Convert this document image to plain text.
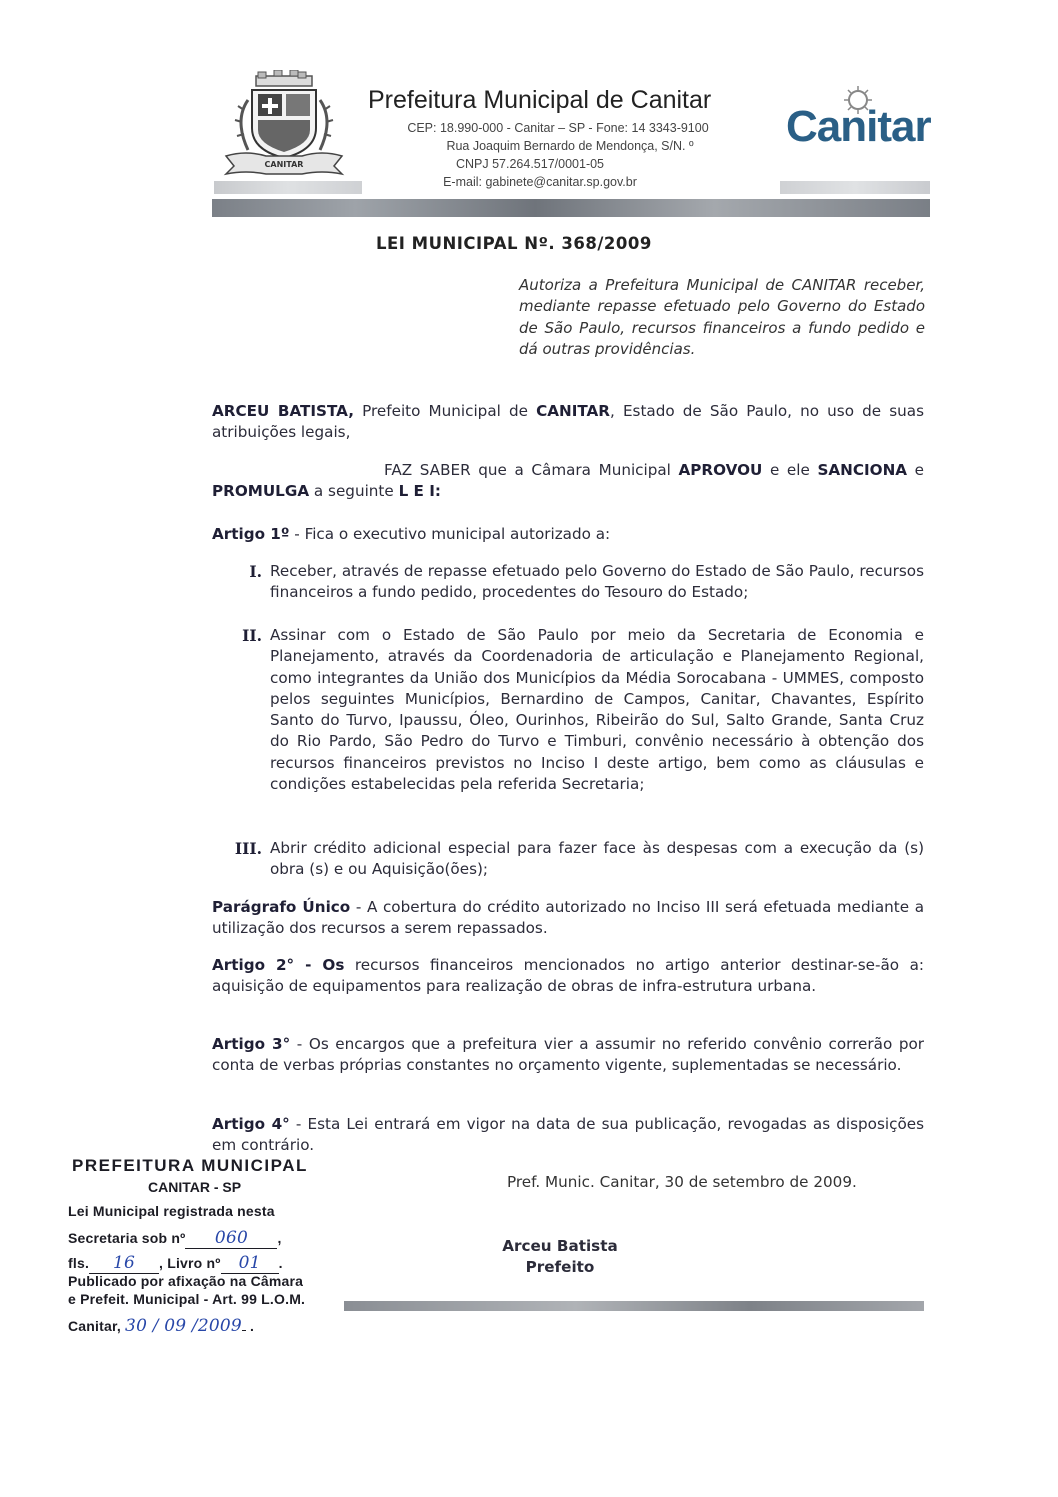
CANITAR
Prefeitura Municipal de Canitar
CEP: 18.990-000 - Canitar – SP - Fone: 14 3343-9100
Rua Joaquim Bernardo de Mendonça, S/N. º
CNPJ 57.264.517/0001-05
E-mail: gabinete@canitar.sp.gov.br
Canitar
LEI MUNICIPAL Nº. 368/2009
Autoriza a Prefeitura Municipal de CANITAR receber, mediante repasse efetuado pelo Governo do Estado de São Paulo, recursos financeiros a fundo pedido e dá outras providências.
ARCEU BATISTA, Prefeito Municipal de CANITAR, Estado de São Paulo, no uso de suas atribuições legais,
FAZ SABER que a Câmara Municipal APROVOU e ele SANCIONA e PROMULGA a seguinte L E I:
Artigo 1º - Fica o executivo municipal autorizado a:
I. Receber, através de repasse efetuado pelo Governo do Estado de São Paulo, recursos financeiros a fundo pedido, procedentes do Tesouro do Estado;
II. Assinar com o Estado de São Paulo por meio da Secretaria de Economia e Planejamento, através da Coordenadoria de articulação e Planejamento Regional, como integrantes da União dos Municípios da Média Sorocabana - UMMES, composto pelos seguintes Municípios, Bernardino de Campos, Canitar, Chavantes, Espírito Santo do Turvo, Ipaussu, Óleo, Ourinhos, Ribeirão do Sul, Salto Grande, Santa Cruz do Rio Pardo, São Pedro do Turvo e Timburi, convênio necessário à obtenção dos recursos financeiros previstos no Inciso I deste artigo, bem como as cláusulas e condições estabelecidas pela referida Secretaria;
III. Abrir crédito adicional especial para fazer face às despesas com a execução da (s) obra (s) e ou Aquisição(ões);
Parágrafo Único - A cobertura do crédito autorizado no Inciso III será efetuada mediante a utilização dos recursos a serem repassados.
Artigo 2° - Os recursos financeiros mencionados no artigo anterior destinar-se-ão a: aquisição de equipamentos para realização de obras de infra-estrutura urbana.
Artigo 3° - Os encargos que a prefeitura vier a assumir no referido convênio correrão por conta de verbas próprias constantes no orçamento vigente, suplementadas se necessário.
Artigo 4° - Esta Lei entrará em vigor na data de sua publicação, revogadas as disposições em contrário.
Pref. Munic. Canitar, 30 de setembro de 2009.
Arceu Batista
Prefeito
PREFEITURA MUNICIPAL
CANITAR - SP
Lei Municipal registrada nesta
Secretaria sob nº 060 ,
fls. 16 , Livro nº 01 .
Publicado por afixação na Câmara
e Prefeit. Municipal - Art. 99 L.O.M.
Canitar, 30 / 09 /2009 .
